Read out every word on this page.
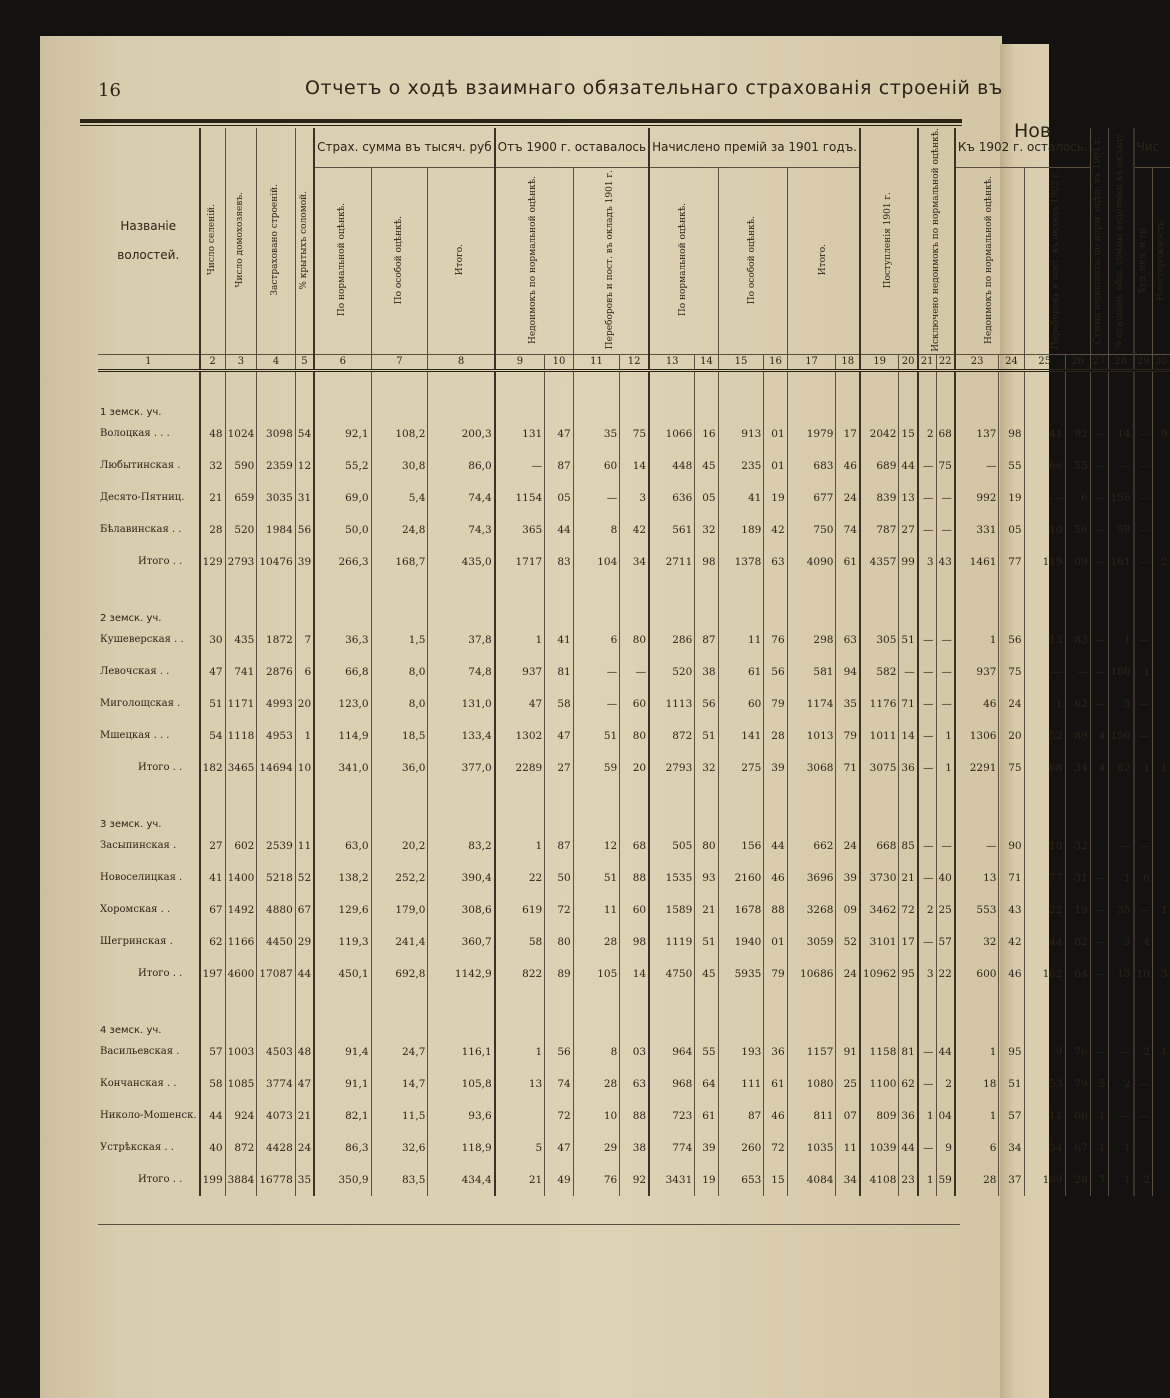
Нов
16	Отчетъ о ходѣ взаимнаго обязательнаго страхованія строеній въ
Названіе волостей.	Число селеній.	Число домохозяевъ.	Застраховано строеній.	% крытыхъ соломой.	Страх. сумма въ тысяч. руб			Отъ 1900 г. оставалось				Начислено премій за 1901 годъ.						Поступленія 1901 г.		Исключено недоимокъ по нормальной оцѣнкѣ.		Къ 1902 г. осталось.				Сумма недоплаты по норм. оцѣн. въ 1901 г.	% отношен. общ. суммы недоимки къ окладу.	Чис	
					По нормальной оцѣнкѣ.	По особой оцѣнкѣ.	Итого.	Недоимокъ по нормальной оцѣнкѣ.		Переборовъ и пост. въ окладъ 1901 г.		По нормальной оцѣнкѣ.		По особой оцѣнкѣ.		Итого.						Недоимокъ по нормальной оцѣнкѣ.		Переборовъ и пост. въ окладъ 1902 г.				Худ. печ. и тр.	Неосторожность.
1	2	3	4	5	6	7	8	9	10	11	12	13	14	15	16	17	18	19	20	21	22	23	24	25	26	27	28	29	30
1 земск. уч.																													
Волоцкая . . .	48	1024	3098	54	92,1	108,2	200,3	131	47	35	75	1066	16	913	01	1979	17	2042	15	2	68	137	98	41	92	—	14	—	9
Любытинская .	32	590	2359	12	55,2	30,8	86,0	—	87	60	14	448	45	235	01	683	46	689	44	—	75	—	55	66	55	—	—	—	
Десято-Пятниц.	21	659	3035	31	69,0	5,4	74,4	1154	05	—	3	636	05	41	19	677	24	839	13	—	—	992	19	—	6	—	156	—	
Бѣлавинская . .	28	520	1984	56	50,0	24,8	74,3	365	44	8	42	561	32	189	42	750	74	787	27	—	—	331	05	10	56	—	59	—	
Итого . .	129	2793	10476	39	266,3	168,7	435,0	1717	83	104	34	2711	98	1378	63	4090	61	4357	99	3	43	1461	77	119	09	—	161	—	2
2 земск. уч.																													
Кушеверская . .	30	435	1872	7	36,3	1,5	37,8	1	41	6	80	286	87	11	76	298	63	305	51	—	—	1	56	13	83	—	1	—	
Левочская . .	47	741	2876	6	66,8	8,0	74,8	937	81	—	—	520	38	61	56	581	94	582	—	—	—	937	75	—	—	—	180	1	
Миголощская .	51	1171	4993	20	123,0	8,0	131,0	47	58	—	60	1113	56	60	79	1174	35	1176	71	—	—	46	24	1	62	—	5	—	
Мшецкая . . .	54	1118	4953	1	114,9	18,5	133,4	1302	47	51	80	872	51	141	28	1013	79	1011	14	—	1	1306	20	52	89	4	150	—	
Итого . .	182	3465	14694	10	341,0	36,0	377,0	2289	27	59	20	2793	32	275	39	3068	71	3075	36	—	1	2291	75	68	34	4	82	1	1
3 земск. уч.																													
Засыпинская .	27	602	2539	11	63,0	20,2	83,2	1	87	12	68	505	80	156	44	662	24	668	85	—	—	—	90	18	32		—	—	
Новоселицкая .	41	1400	5218	52	138,2	252,2	390,4	22	50	51	88	1535	93	2160	46	3696	39	3730	21	—	40	13	71	77	31	—	1	6	
Хоромская . .	67	1492	4880	67	129,6	179,0	308,6	619	72	11	60	1589	21	1678	88	3268	09	3462	72	2	25	553	43	22	19	—	35	—	1
Шегринская .	62	1166	4450	29	119,3	241,4	360,7	58	80	28	98	1119	51	1940	01	3059	52	3101	17	—	57	32	42	44	82	—	3	4	
Итого . .	197	4600	17087	44	450,1	692,8	1142,9	822	89	105	14	4750	45	5935	79	10686	24	10962	95	3	22	600	46	162	64	—	13	10	3
4 земск. уч.																													
Васильевская .	57	1003	4503	48	91,4	24,7	116,1	1	56	8	03	964	55	193	36	1157	91	1158	81	—	44	1	95	9	76	—	—	2	1
Кончанская . .	58	1085	3774	47	91,1	14,7	105,8	13	74	28	63	968	64	111	61	1080	25	1100	62	—	2	18	51	53	79	5	2	—	
Николо-Мошенск.	44	924	4073	21	82,1	11,5	93,6		72	10	88	723	61	87	46	811	07	809	36	1	04	1	57	11	06	1	—	—	
Устрѣкская . .	40	872	4428	24	86,3	32,6	118,9	5	47	29	38	774	39	260	72	1035	11	1039	44	—	9	6	34	34	67	1	1		
Итого . .	199	3884	16778	35	350,9	83,5	434,4	21	49	76	92	3431	19	653	15	4084	34	4108	23	1	59	28	37	109	28	7	1	2	
